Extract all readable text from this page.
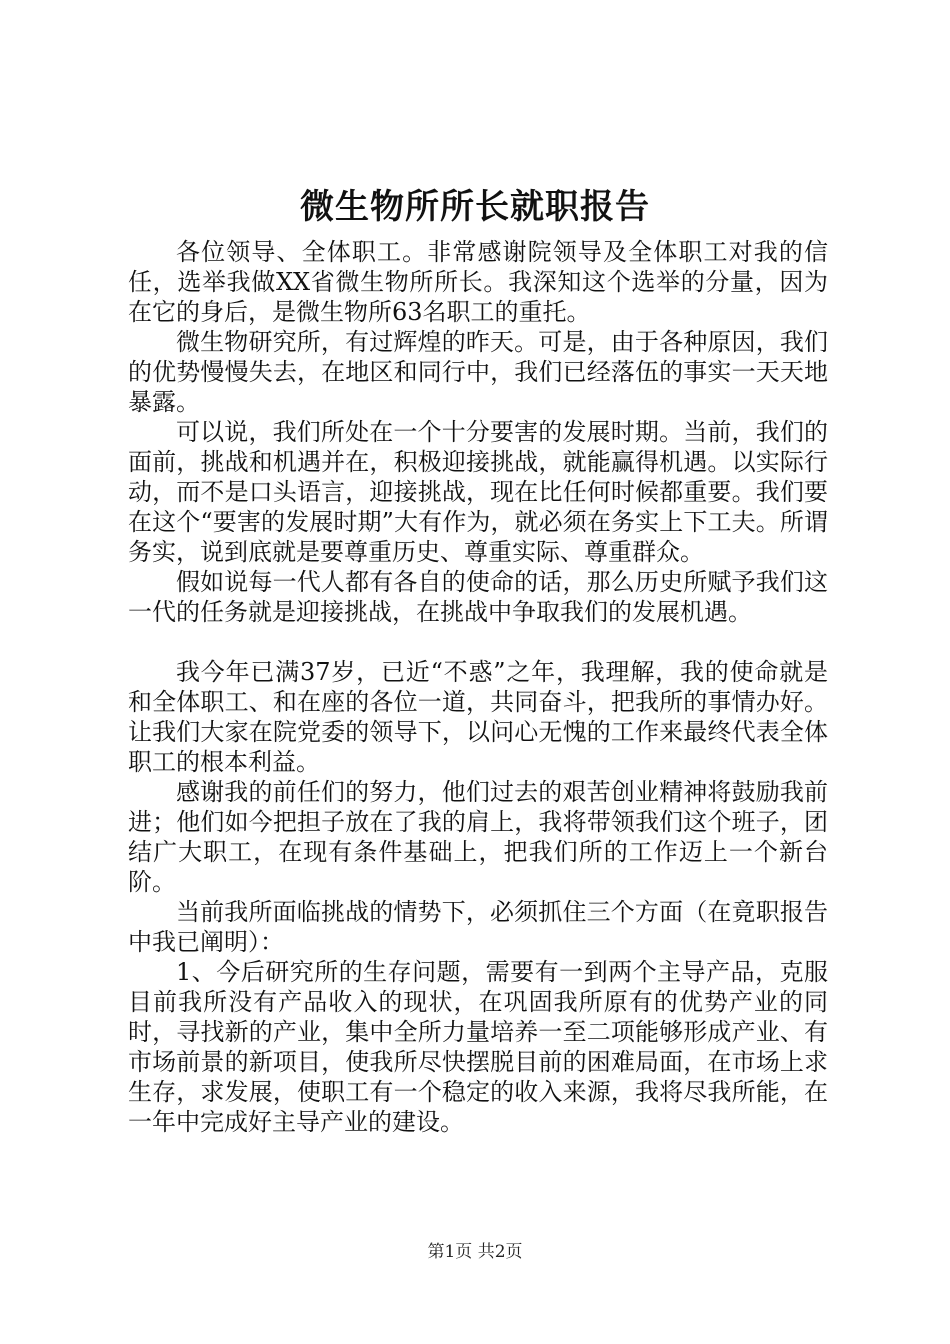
微生物所所长就职报告

各位领导、全体职工。非常感谢院领导及全体职工对我的信任，选举我做XX省微生物所所长。我深知这个选举的分量，因为在它的身后，是微生物所63名职工的重托。

微生物研究所，有过辉煌的昨天。可是，由于各种原因，我们的优势慢慢失去，在地区和同行中，我们已经落伍的事实一天天地暴露。

可以说，我们所处在一个十分要害的发展时期。当前，我们的面前，挑战和机遇并在，积极迎接挑战，就能赢得机遇。以实际行动，而不是口头语言，迎接挑战，现在比任何时候都重要。我们要在这个“要害的发展时期”大有作为，就必须在务实上下工夫。所谓务实，说到底就是要尊重历史、尊重实际、尊重群众。

假如说每一代人都有各自的使命的话，那么历史所赋予我们这一代的任务就是迎接挑战，在挑战中争取我们的发展机遇。

我今年已满37岁，已近“不惑”之年，我理解，我的使命就是和全体职工、和在座的各位一道，共同奋斗，把我所的事情办好。让我们大家在院党委的领导下，以问心无愧的工作来最终代表全体职工的根本利益。

感谢我的前任们的努力，他们过去的艰苦创业精神将鼓励我前进；他们如今把担子放在了我的肩上，我将带领我们这个班子，团结广大职工，在现有条件基础上，把我们所的工作迈上一个新台阶。

当前我所面临挑战的情势下，必须抓住三个方面（在竟职报告中我已阐明）：

1、今后研究所的生存问题，需要有一到两个主导产品，克服目前我所没有产品收入的现状，在巩固我所原有的优势产业的同时，寻找新的产业，集中全所力量培养一至二项能够形成产业、有市场前景的新项目，使我所尽快摆脱目前的困难局面，在市场上求生存，求发展，使职工有一个稳定的收入来源，我将尽我所能，在一年中完成好主导产业的建设。

第1页 共2页
